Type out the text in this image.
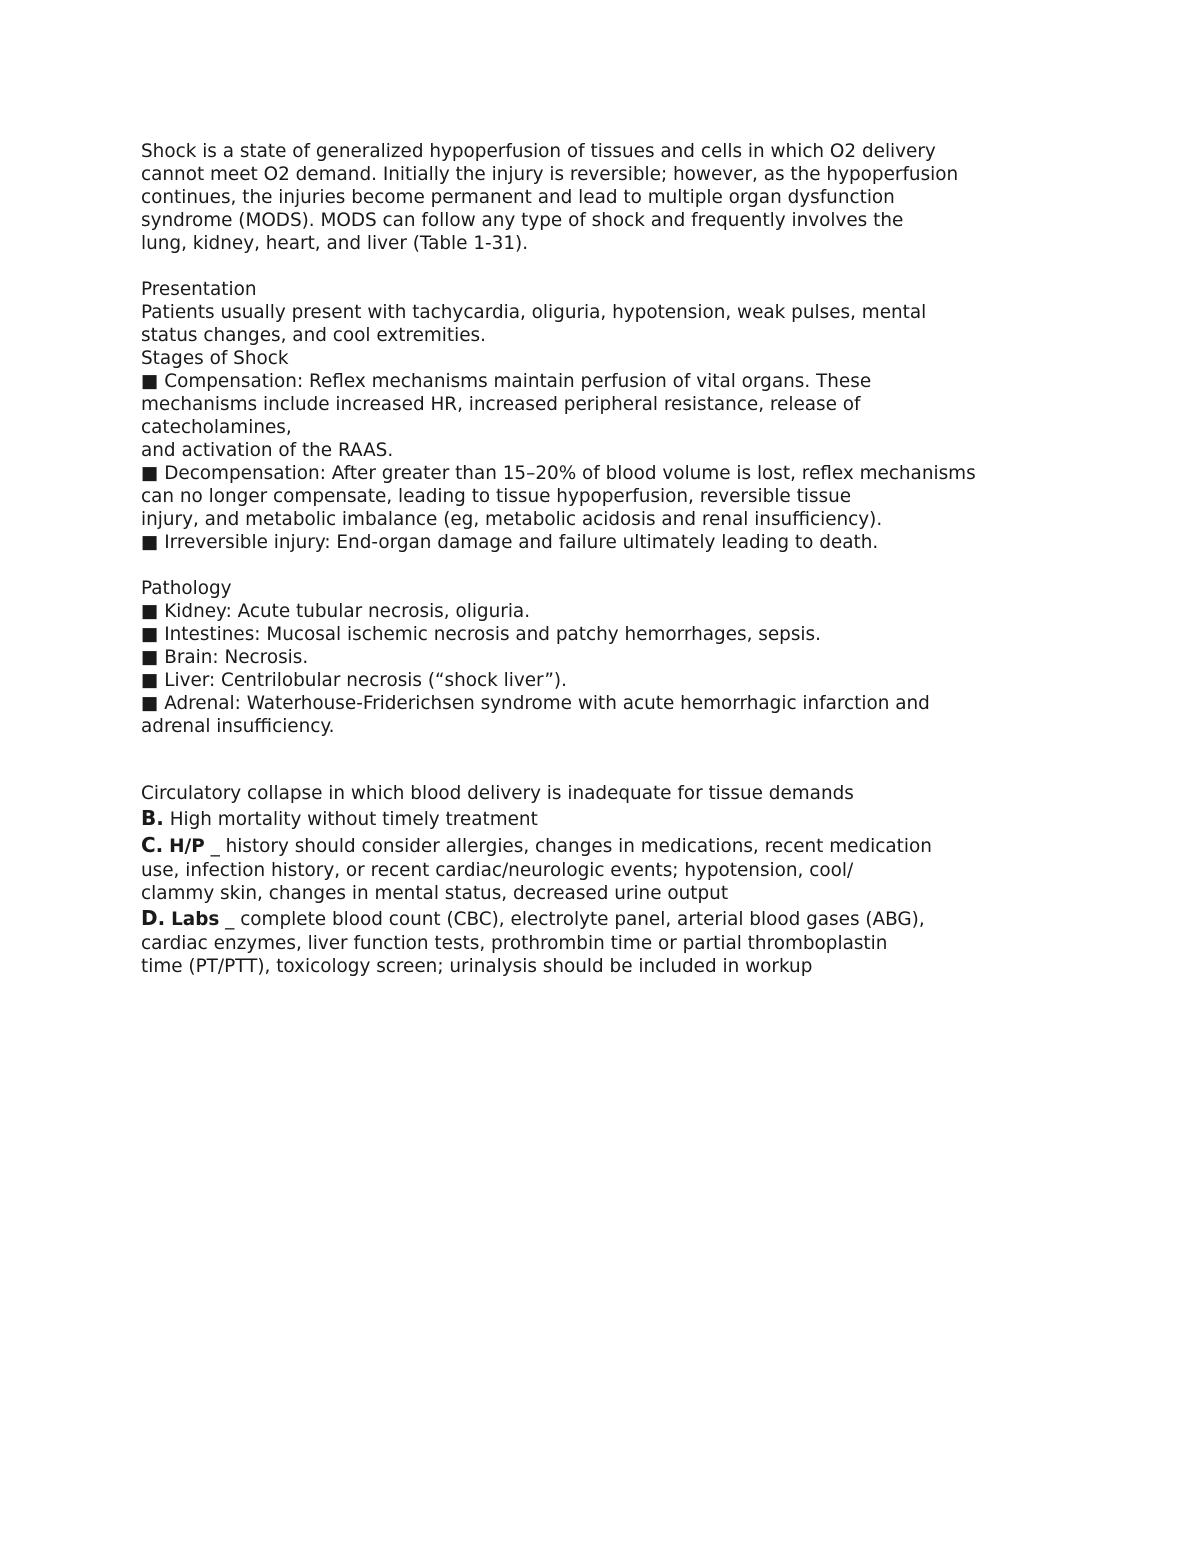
Shock is a state of generalized hypoperfusion of tissues and cells in which O2 delivery
cannot meet O2 demand. Initially the injury is reversible; however, as the hypoperfusion
continues, the injuries become permanent and lead to multiple organ dysfunction
syndrome (MODS). MODS can follow any type of shock and frequently involves the
lung, kidney, heart, and liver (Table 1-31).
Presentation
Patients usually present with tachycardia, oliguria, hypotension, weak pulses, mental
status changes, and cool extremities.
Stages of Shock
■ Compensation: Reflex mechanisms maintain perfusion of vital organs. These
mechanisms include increased HR, increased peripheral resistance, release of
catecholamines,
and activation of the RAAS.
■ Decompensation: After greater than 15–20% of blood volume is lost, reflex mechanisms
can no longer compensate, leading to tissue hypoperfusion, reversible tissue
injury, and metabolic imbalance (eg, metabolic acidosis and renal insufficiency).
■ Irreversible injury: End-organ damage and failure ultimately leading to death.
Pathology
■ Kidney: Acute tubular necrosis, oliguria.
■ Intestines: Mucosal ischemic necrosis and patchy hemorrhages, sepsis.
■ Brain: Necrosis.
■ Liver: Centrilobular necrosis (“shock liver”).
■ Adrenal: Waterhouse-Friderichsen syndrome with acute hemorrhagic infarction and
adrenal insufficiency.
Circulatory collapse in which blood delivery is inadequate for tissue demands
B. High mortality without timely treatment
C. H/P _ history should consider allergies, changes in medications, recent medication
use, infection history, or recent cardiac/neurologic events; hypotension, cool/
clammy skin, changes in mental status, decreased urine output
D. Labs _ complete blood count (CBC), electrolyte panel, arterial blood gases (ABG),
cardiac enzymes, liver function tests, prothrombin time or partial thromboplastin
time (PT/PTT), toxicology screen; urinalysis should be included in workup
